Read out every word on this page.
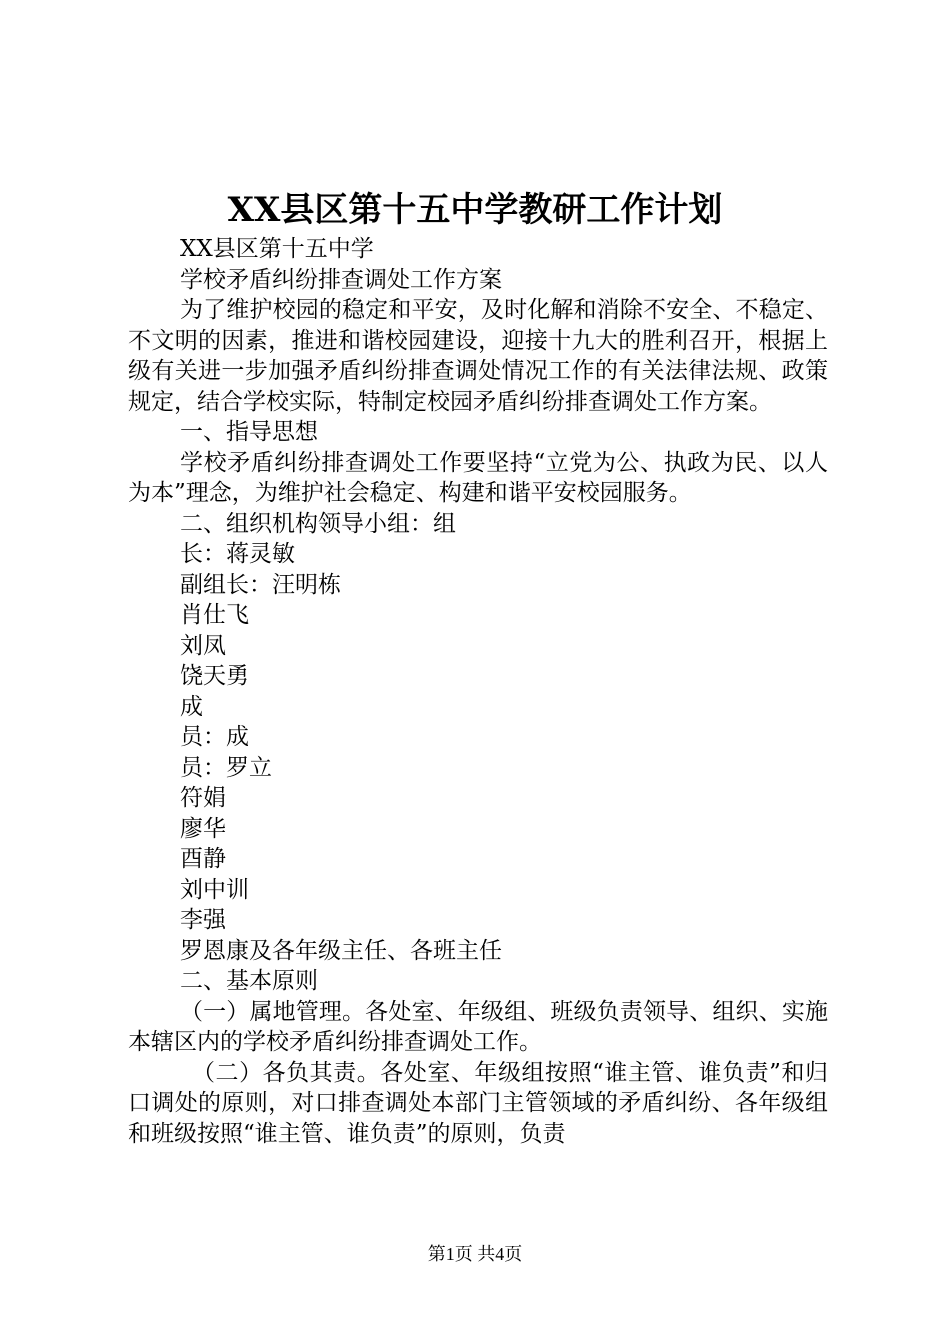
XX县区第十五中学教研工作计划

XX县区第十五中学

学校矛盾纠纷排查调处工作方案

为了维护校园的稳定和平安，及时化解和消除不安全、不稳定、不文明的因素，推进和谐校园建设，迎接十九大的胜利召开，根据上级有关进一步加强矛盾纠纷排查调处情况工作的有关法律法规、政策规定，结合学校实际，特制定校园矛盾纠纷排查调处工作方案。

一、指导思想

学校矛盾纠纷排查调处工作要坚持“立党为公、执政为民、以人为本”理念，为维护社会稳定、构建和谐平安校园服务。

二、组织机构领导小组：组

长：蒋灵敏

副组长：汪明栋

肖仕飞

刘凤

饶天勇

成

员：成

员：罗立

符娟

廖华

酉静

刘中训

李强

罗恩康及各年级主任、各班主任

二、基本原则

（一）属地管理。各处室、年级组、班级负责领导、组织、实施本辖区内的学校矛盾纠纷排查调处工作。

（二）各负其责。各处室、年级组按照“谁主管、谁负责”和归口调处的原则，对口排查调处本部门主管领域的矛盾纠纷、各年级组和班级按照“谁主管、谁负责”的原则，负责

第1页 共4页
